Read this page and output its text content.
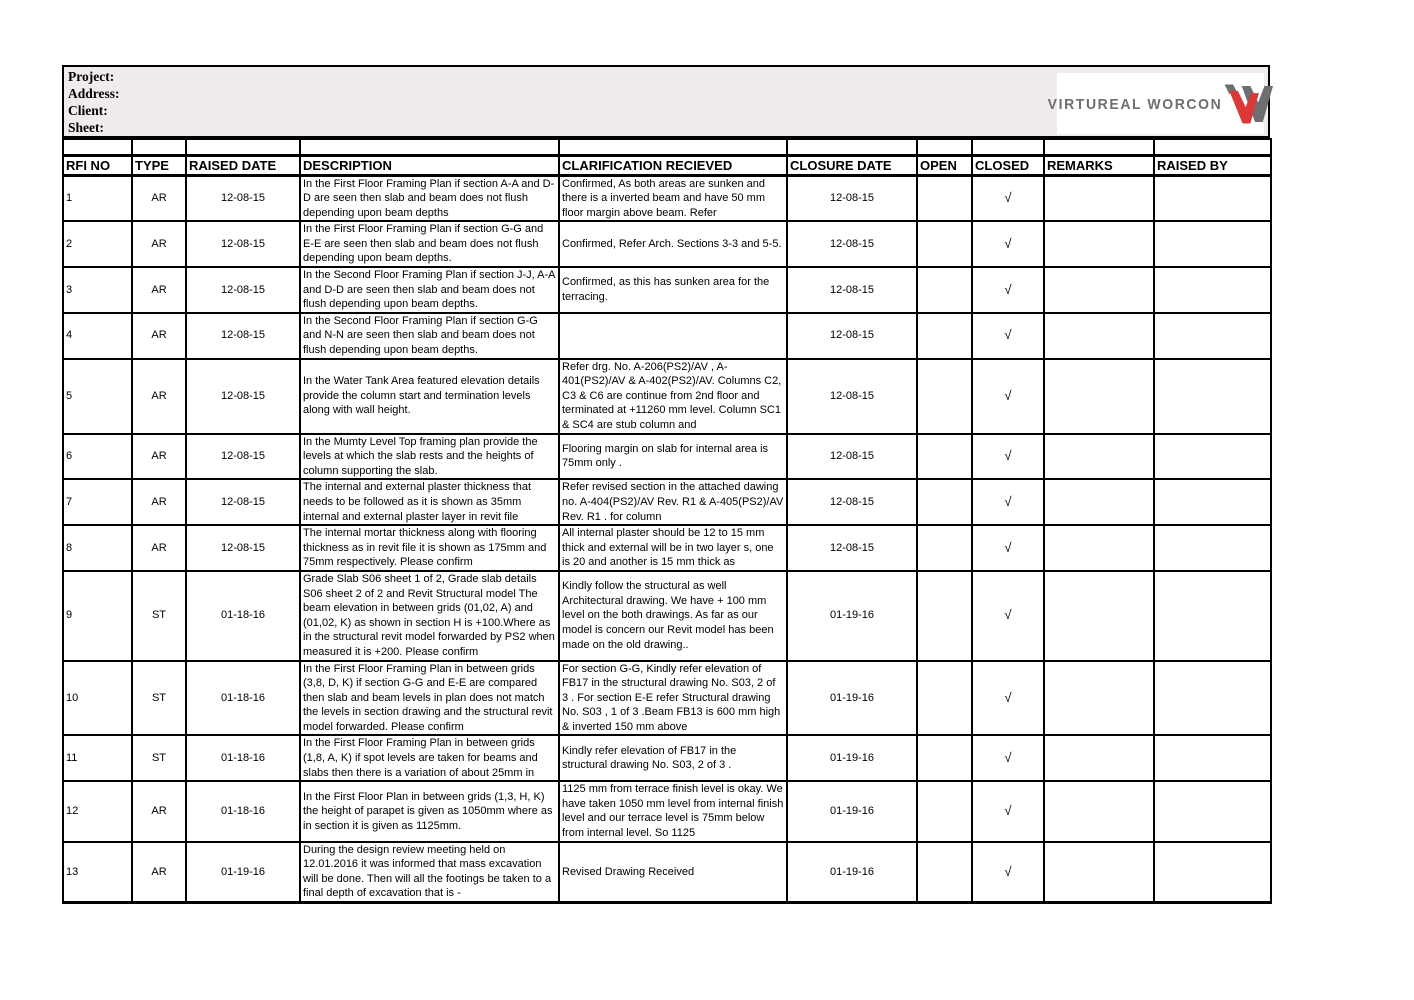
Project:
Address:
Client:
Sheet:
VIRTUREAL WORCON

RFI NO	TYPE	RAISED DATE	DESCRIPTION	CLARIFICATION RECIEVED	CLOSURE DATE	OPEN	CLOSED	REMARKS	RAISED BY
1	AR	12-08-15	In the First Floor Framing Plan if section A-A and D-D are seen then slab and beam does not flush depending upon beam depths	Confirmed, As both areas are sunken and there is a inverted beam and have 50 mm floor margin above beam. Refer	12-08-15		√		
2	AR	12-08-15	In the First Floor Framing Plan if section G-G and E-E are seen then slab and beam does not flush depending upon beam depths.	Confirmed, Refer Arch. Sections 3-3 and 5-5.	12-08-15		√		
3	AR	12-08-15	In the Second Floor Framing Plan if section J-J, A-A and D-D are seen then slab and beam does not flush depending upon beam depths.	Confirmed, as this has sunken area for the terracing.	12-08-15		√		
4	AR	12-08-15	In the Second Floor Framing Plan if section G-G and N-N are seen then slab and beam does not flush depending upon beam depths.		12-08-15		√		
5	AR	12-08-15	In the Water Tank Area featured elevation details provide the column start and termination levels along with wall height.	Refer drg. No. A-206(PS2)/AV , A-401(PS2)/AV & A-402(PS2)/AV. Columns C2, C3 & C6 are continue from 2nd floor and terminated at +11260 mm level. Column SC1 & SC4 are stub column and	12-08-15		√		
6	AR	12-08-15	In the Mumty Level Top framing plan provide the levels at which the slab rests and the heights of column supporting the slab.	Flooring margin on slab for internal area is 75mm only .	12-08-15		√		
7	AR	12-08-15	The internal and external plaster thickness that needs to be followed as it is shown as 35mm internal and external plaster layer in revit file	Refer revised section in the attached dawing no. A-404(PS2)/AV Rev. R1 & A-405(PS2)/AV Rev. R1 . for column	12-08-15		√		
8	AR	12-08-15	The internal mortar thickness along with flooring thickness as in revit file it is shown as 175mm and 75mm respectively. Please confirm	All internal plaster should be 12 to 15 mm thick and external will be in two layer s, one is 20 and another is 15 mm thick as	12-08-15		√		
9	ST	01-18-16	Grade Slab S06 sheet 1 of 2, Grade slab details S06 sheet 2 of 2 and Revit Structural model The beam elevation in between grids (01,02, A) and (01,02, K) as shown in section H is +100.Where as in the structural revit model forwarded by PS2 when measured it is +200. Please confirm	Kindly follow the structural as well Architectural drawing. We have + 100 mm level on the both drawings. As far as our model is concern our Revit model has been made on the old drawing..	01-19-16		√		
10	ST	01-18-16	In the First Floor Framing Plan in between grids (3,8, D, K) if section G-G and E-E are compared then slab and beam levels in plan does not match the levels in section drawing and the structural revit model forwarded. Please confirm	For section G-G, Kindly refer elevation of FB17 in the structural drawing No. S03, 2 of 3 . For section E-E refer Structural drawing No. S03 , 1 of 3 .Beam FB13 is 600 mm high & inverted 150 mm above	01-19-16		√		
11	ST	01-18-16	In the First Floor Framing Plan in between grids (1,8, A, K) if spot levels are taken for beams and slabs then there is a variation of about 25mm in	Kindly refer elevation of FB17 in the structural drawing No. S03, 2 of 3 .	01-19-16		√		
12	AR	01-18-16	In the First Floor Plan in between grids (1,3, H, K) the height of parapet is given as 1050mm where as in section it is given as 1125mm.	1125 mm from terrace finish level is okay. We have taken 1050 mm level from internal finish level and our terrace level is 75mm below from internal level. So 1125	01-19-16		√		
13	AR	01-19-16	During the design review meeting held on 12.01.2016 it was informed that mass excavation will be done. Then will all the footings be taken to a final depth of excavation that is -	Revised Drawing Received	01-19-16		√		
